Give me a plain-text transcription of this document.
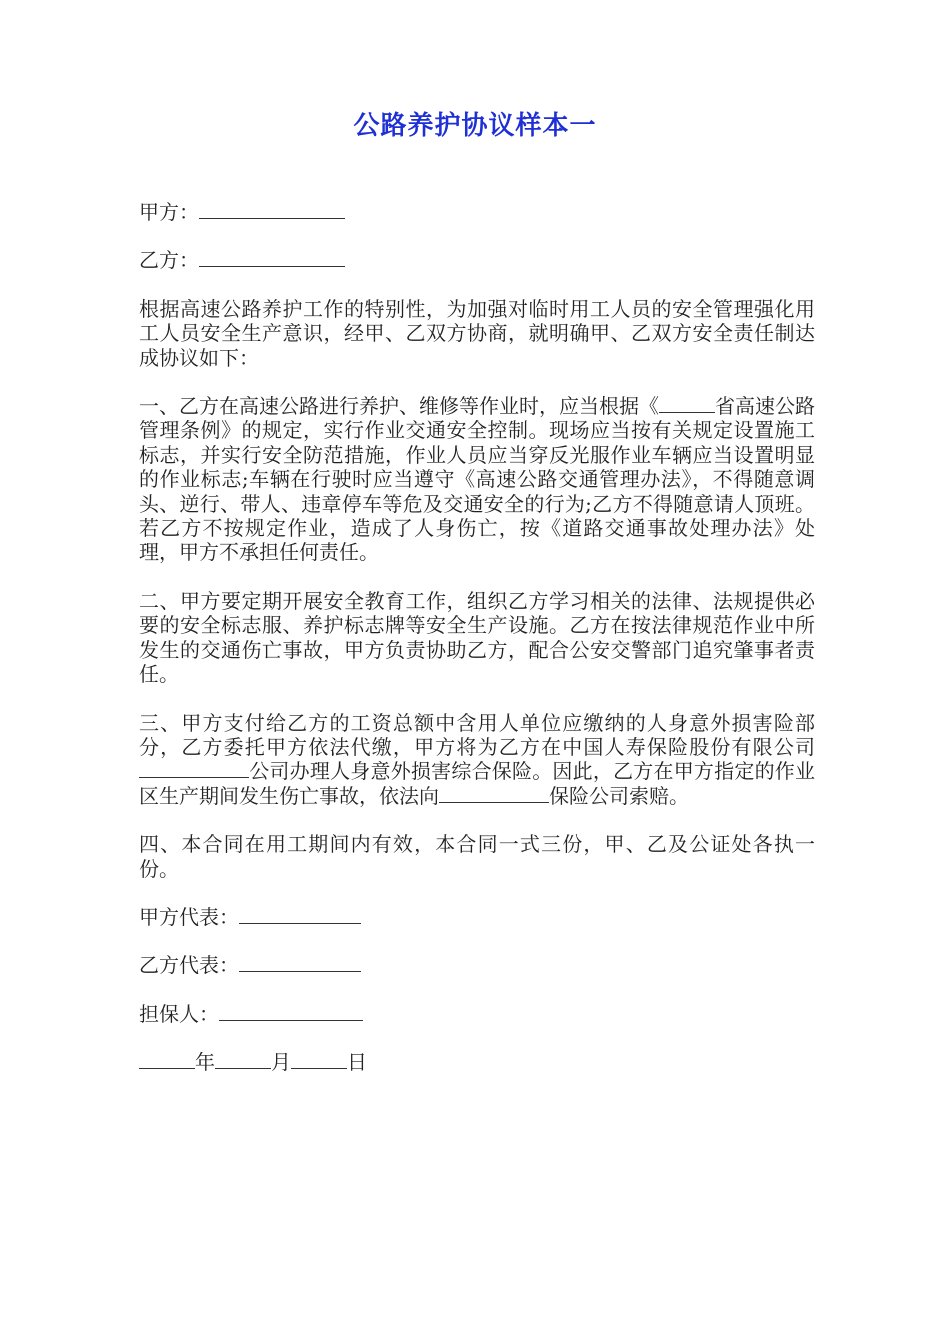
公路养护协议样本一

甲方：

乙方：

根据高速公路养护工作的特别性，为加强对临时用工人员的安全管理强化用工人员安全生产意识，经甲、乙双方协商，就明确甲、乙双方安全责任制达成协议如下：

一、乙方在高速公路进行养护、维修等作业时，应当根据《	省高速公路管理条例》的规定，实行作业交通安全控制。现场应当按有关规定设置施工标志，并实行安全防范措施，作业人员应当穿反光服作业车辆应当设置明显的作业标志;车辆在行驶时应当遵守《高速公路交通管理办法》，不得随意调头、逆行、带人、违章停车等危及交通安全的行为;乙方不得随意请人顶班。若乙方不按规定作业，造成了人身伤亡，按《道路交通事故处理办法》处理，甲方不承担任何责任。

二、甲方要定期开展安全教育工作，组织乙方学习相关的法律、法规提供必要的安全标志服、养护标志牌等安全生产设施。乙方在按法律规范作业中所发生的交通伤亡事故，甲方负责协助乙方，配合公安交警部门追究肇事者责任。

三、甲方支付给乙方的工资总额中含用人单位应缴纳的人身意外损害险部分，乙方委托甲方依法代缴，甲方将为乙方在中国人寿保险股份有限公司公司办理人身意外损害综合保险。因此，乙方在甲方指定的作业区生产期间发生伤亡事故，依法向	保险公司索赔。

四、本合同在用工期间内有效，本合同一式三份，甲、乙及公证处各执一份。

甲方代表：

乙方代表：

担保人：

年	月	日
